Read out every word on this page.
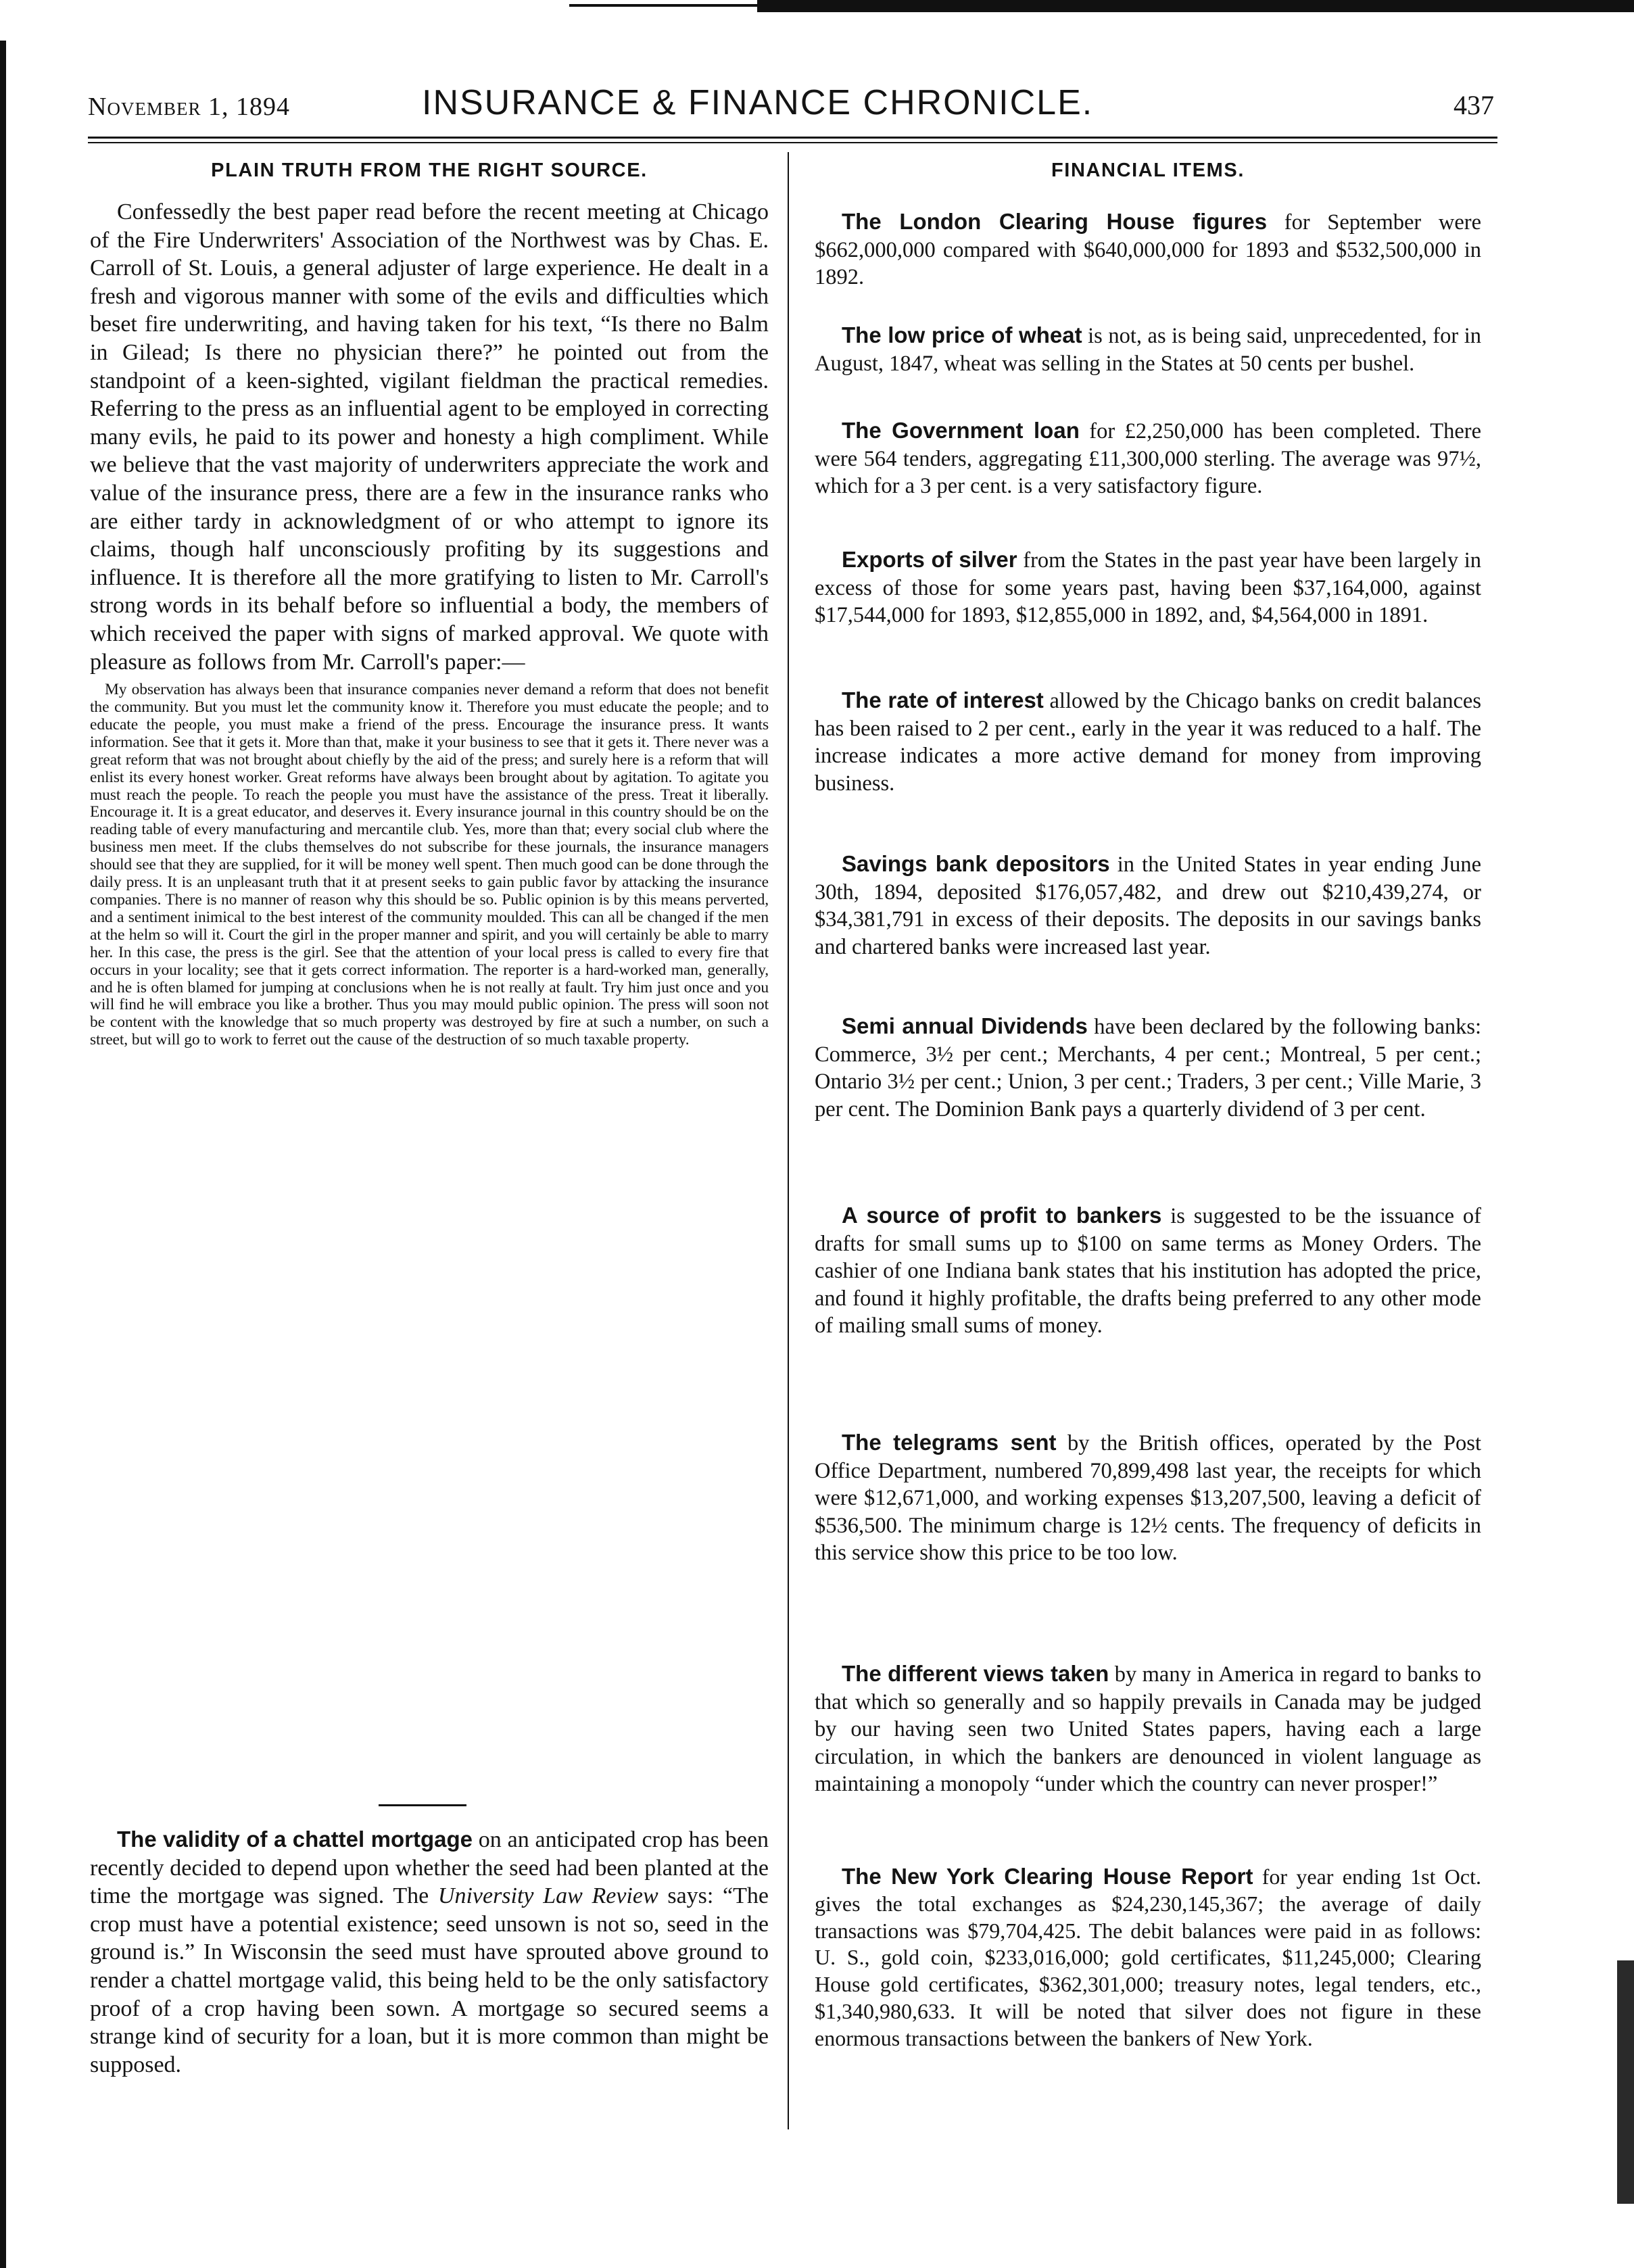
November 1, 1894	INSURANCE & FINANCE CHRONICLE.	437
PLAIN TRUTH FROM THE RIGHT SOURCE.

Confessedly the best paper read before the recent meeting at Chicago of the Fire Underwriters' Association of the Northwest was by Chas. E. Carroll of St. Louis, a general adjuster of large experience. He dealt in a fresh and vigorous manner with some of the evils and difficulties which beset fire underwriting, and having taken for his text, “Is there no Balm in Gilead; Is there no physician there?” he pointed out from the standpoint of a keen-sighted, vigilant fieldman the practical remedies. Referring to the press as an influential agent to be employed in correcting many evils, he paid to its power and honesty a high compliment. While we believe that the vast majority of underwriters appreciate the work and value of the insurance press, there are a few in the insurance ranks who are either tardy in acknowledgment of or who attempt to ignore its claims, though half unconsciously profiting by its suggestions and influence. It is therefore all the more gratifying to listen to Mr. Carroll's strong words in its behalf before so influential a body, the members of which received the paper with signs of marked approval. We quote with pleasure as follows from Mr. Carroll's paper:—

My observation has always been that insurance companies never demand a reform that does not benefit the community. But you must let the community know it. Therefore you must educate the people; and to educate the people, you must make a friend of the press. Encourage the insurance press. It wants information. See that it gets it. More than that, make it your business to see that it gets it. There never was a great reform that was not brought about chiefly by the aid of the press; and surely here is a reform that will enlist its every honest worker. Great reforms have always been brought about by agitation. To agitate you must reach the people. To reach the people you must have the assistance of the press. Treat it liberally. Encourage it. It is a great educator, and deserves it. Every insurance journal in this country should be on the reading table of every manufacturing and mercantile club. Yes, more than that; every social club where the business men meet. If the clubs themselves do not subscribe for these journals, the insurance managers should see that they are supplied, for it will be money well spent. Then much good can be done through the daily press. It is an unpleasant truth that it at present seeks to gain public favor by attacking the insurance companies. There is no manner of reason why this should be so. Public opinion is by this means perverted, and a sentiment inimical to the best interest of the community moulded. This can all be changed if the men at the helm so will it. Court the girl in the proper manner and spirit, and you will certainly be able to marry her. In this case, the press is the girl. See that the attention of your local press is called to every fire that occurs in your locality; see that it gets correct information. The reporter is a hard-worked man, generally, and he is often blamed for jumping at conclusions when he is not really at fault. Try him just once and you will find he will embrace you like a brother. Thus you may mould public opinion. The press will soon not be content with the knowledge that so much property was destroyed by fire at such a number, on such a street, but will go to work to ferret out the cause of the destruction of so much taxable property.

The validity of a chattel mortgage on an anticipated crop has been recently decided to depend upon whether the seed had been planted at the time the mortgage was signed. The University Law Review says: “The crop must have a potential existence; seed unsown is not so, seed in the ground is.” In Wisconsin the seed must have sprouted above ground to render a chattel mortgage valid, this being held to be the only satisfactory proof of a crop having been sown. A mortgage so secured seems a strange kind of security for a loan, but it is more common than might be supposed.

FINANCIAL ITEMS.

The London Clearing House figures for September were $662,000,000 compared with $640,000,000 for 1893 and $532,500,000 in 1892.

The low price of wheat is not, as is being said, unprecedented, for in August, 1847, wheat was selling in the States at 50 cents per bushel.

The Government loan for £2,250,000 has been completed. There were 564 tenders, aggregating £11,300,000 sterling. The average was 97½, which for a 3 per cent. is a very satisfactory figure.

Exports of silver from the States in the past year have been largely in excess of those for some years past, having been $37,164,000, against $17,544,000 for 1893, $12,855,000 in 1892, and, $4,564,000 in 1891.

The rate of interest allowed by the Chicago banks on credit balances has been raised to 2 per cent., early in the year it was reduced to a half. The increase indicates a more active demand for money from improving business.

Savings bank depositors in the United States in year ending June 30th, 1894, deposited $176,057,482, and drew out $210,439,274, or $34,381,791 in excess of their deposits. The deposits in our savings banks and chartered banks were increased last year.

Semi annual Dividends have been declared by the following banks: Commerce, 3½ per cent.; Merchants, 4 per cent.; Montreal, 5 per cent.; Ontario 3½ per cent.; Union, 3 per cent.; Traders, 3 per cent.; Ville Marie, 3 per cent. The Dominion Bank pays a quarterly dividend of 3 per cent.

A source of profit to bankers is suggested to be the issuance of drafts for small sums up to $100 on same terms as Money Orders. The cashier of one Indiana bank states that his institution has adopted the price, and found it highly profitable, the drafts being preferred to any other mode of mailing small sums of money.

The telegrams sent by the British offices, operated by the Post Office Department, numbered 70,899,498 last year, the receipts for which were $12,671,000, and working expenses $13,207,500, leaving a deficit of $536,500. The minimum charge is 12½ cents. The frequency of deficits in this service show this price to be too low.

The different views taken by many in America in regard to banks to that which so generally and so happily prevails in Canada may be judged by our having seen two United States papers, having each a large circulation, in which the bankers are denounced in violent language as maintaining a monopoly “under which the country can never prosper!”

The New York Clearing House Report for year ending 1st Oct. gives the total exchanges as $24,230,145,367; the average of daily transactions was $79,704,425. The debit balances were paid in as follows: U. S., gold coin, $233,016,000; gold certificates, $11,245,000; Clearing House gold certificates, $362,301,000; treasury notes, legal tenders, etc., $1,340,980,633. It will be noted that silver does not figure in these enormous transactions between the bankers of New York.
